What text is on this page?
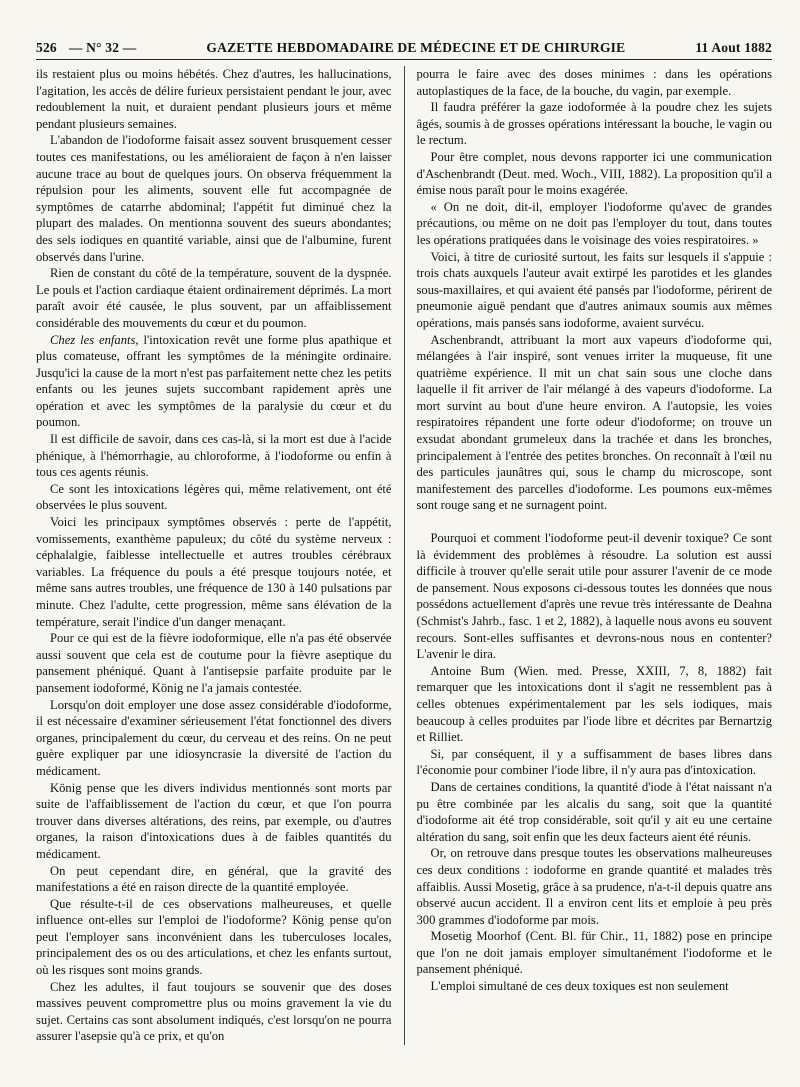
526 — N° 32 —	GAZETTE HEBDOMADAIRE DE MÉDECINE ET DE CHIRURGIE	11 Aout 1882

ils restaient plus ou moins hébétés. Chez d'autres, les hallucinations, l'agitation, les accès de délire furieux persistaient pendant le jour, avec redoublement la nuit, et duraient pendant plusieurs jours et même pendant plusieurs semaines.

L'abandon de l'iodoforme faisait assez souvent brusquement cesser toutes ces manifestations, ou les amélioraient de façon à n'en laisser aucune trace au bout de quelques jours. On observa fréquemment la répulsion pour les aliments, souvent elle fut accompagnée de symptômes de catarrhe abdominal; l'appétit fut diminué chez la plupart des malades. On mentionna souvent des sueurs abondantes; des sels iodiques en quantité variable, ainsi que de l'albumine, furent observés dans l'urine.

Rien de constant du côté de la température, souvent de la dyspnée. Le pouls et l'action cardiaque étaient ordinairement déprimés. La mort paraît avoir été causée, le plus souvent, par un affaiblissement considérable des mouvements du cœur et du poumon.

Chez les enfants, l'intoxication revêt une forme plus apathique et plus comateuse, offrant les symptômes de la méningite ordinaire. Jusqu'ici la cause de la mort n'est pas parfaitement nette chez les petits enfants ou les jeunes sujets succombant rapidement après une opération et avec les symptômes de la paralysie du cœur et du poumon.

Il est difficile de savoir, dans ces cas-là, si la mort est due à l'acide phénique, à l'hémorrhagie, au chloroforme, à l'iodoforme ou enfin à tous ces agents réunis.

Ce sont les intoxications légères qui, même relativement, ont été observées le plus souvent.

Voici les principaux symptômes observés : perte de l'appétit, vomissements, exanthème papuleux; du côté du système nerveux : céphalalgie, faiblesse intellectuelle et autres troubles cérébraux variables. La fréquence du pouls a été presque toujours notée, et même sans autres troubles, une fréquence de 130 à 140 pulsations par minute. Chez l'adulte, cette progression, même sans élévation de la température, serait l'indice d'un danger menaçant.

Pour ce qui est de la fièvre iodoformique, elle n'a pas été observée aussi souvent que cela est de coutume pour la fièvre aseptique du pansement phéniqué. Quant à l'antisepsie parfaite produite par le pansement iodoformé, König ne l'a jamais contestée.

Lorsqu'on doit employer une dose assez considérable d'iodoforme, il est nécessaire d'examiner sérieusement l'état fonctionnel des divers organes, principalement du cœur, du cerveau et des reins. On ne peut guère expliquer par une idiosyncrasie la diversité de l'action du médicament.

König pense que les divers individus mentionnés sont morts par suite de l'affaiblissement de l'action du cœur, et que l'on pourra trouver dans diverses altérations, des reins, par exemple, ou d'autres organes, la raison d'intoxications dues à de faibles quantités du médicament.

On peut cependant dire, en général, que la gravité des manifestations a été en raison directe de la quantité employée.

Que résulte-t-il de ces observations malheureuses, et quelle influence ont-elles sur l'emploi de l'iodoforme? König pense qu'on peut l'employer sans inconvénient dans les tuberculoses locales, principalement des os ou des articulations, et chez les enfants surtout, où les risques sont moins grands.

Chez les adultes, il faut toujours se souvenir que des doses massives peuvent compromettre plus ou moins gravement la vie du sujet. Certains cas sont absolument indiqués, c'est lorsqu'on ne pourra assurer l'asepsie qu'à ce prix, et qu'on

pourra le faire avec des doses minimes : dans les opérations autoplastiques de la face, de la bouche, du vagin, par exemple.

Il faudra préférer la gaze iodoformée à la poudre chez les sujets âgés, soumis à de grosses opérations intéressant la bouche, le vagin ou le rectum.

Pour être complet, nous devons rapporter ici une communication d'Aschenbrandt (Deut. med. Woch., VIII, 1882). La proposition qu'il a émise nous paraît pour le moins exagérée.

« On ne doit, dit-il, employer l'iodoforme qu'avec de grandes précautions, ou même on ne doit pas l'employer du tout, dans toutes les opérations pratiquées dans le voisinage des voies respiratoires. »

Voici, à titre de curiosité surtout, les faits sur lesquels il s'appuie : trois chats auxquels l'auteur avait extirpé les parotides et les glandes sous-maxillaires, et qui avaient été pansés par l'iodoforme, périrent de pneumonie aiguë pendant que d'autres animaux soumis aux mêmes opérations, mais pansés sans iodoforme, avaient survécu.

Aschenbrandt, attribuant la mort aux vapeurs d'iodoforme qui, mélangées à l'air inspiré, sont venues irriter la muqueuse, fit une quatrième expérience. Il mit un chat sain sous une cloche dans laquelle il fit arriver de l'air mélangé à des vapeurs d'iodoforme. La mort survint au bout d'une heure environ. A l'autopsie, les voies respiratoires répandent une forte odeur d'iodoforme; on trouve un exsudat abondant grumeleux dans la trachée et dans les bronches, principalement à l'entrée des petites bronches. On reconnaît à l'œil nu des particules jaunâtres qui, sous le champ du microscope, sont manifestement des parcelles d'iodoforme. Les poumons eux-mêmes sont rouge sang et ne surnagent point.

Pourquoi et comment l'iodoforme peut-il devenir toxique? Ce sont là évidemment des problèmes à résoudre. La solution est aussi difficile à trouver qu'elle serait utile pour assurer l'avenir de ce mode de pansement. Nous exposons ci-dessous toutes les données que nous possédons actuellement d'après une revue très intéressante de Deahna (Schmist's Jahrb., fasc. 1 et 2, 1882), à laquelle nous avons eu souvent recours. Sont-elles suffisantes et devrons-nous nous en contenter? L'avenir le dira.

Antoine Bum (Wien. med. Presse, XXIII, 7, 8, 1882) fait remarquer que les intoxications dont il s'agit ne ressemblent pas à celles obtenues expérimentalement par les sels iodiques, mais beaucoup à celles produites par l'iode libre et décrites par Bernartzig et Rilliet.

Si, par conséquent, il y a suffisamment de bases libres dans l'économie pour combiner l'iode libre, il n'y aura pas d'intoxication.

Dans de certaines conditions, la quantité d'iode à l'état naissant n'a pu être combinée par les alcalis du sang, soit que la quantité d'iodoforme ait été trop considérable, soit qu'il y ait eu une certaine altération du sang, soit enfin que les deux facteurs aient été réunis.

Or, on retrouve dans presque toutes les observations malheureuses ces deux conditions : iodoforme en grande quantité et malades très affaiblis. Aussi Mosetig, grâce à sa prudence, n'a-t-il depuis quatre ans observé aucun accident. Il a environ cent lits et emploie à peu près 300 grammes d'iodoforme par mois.

Mosetig Moorhof (Cent. Bl. für Chir., 11, 1882) pose en principe que l'on ne doit jamais employer simultanément l'iodoforme et le pansement phéniqué.

L'emploi simultané de ces deux toxiques est non seulement
